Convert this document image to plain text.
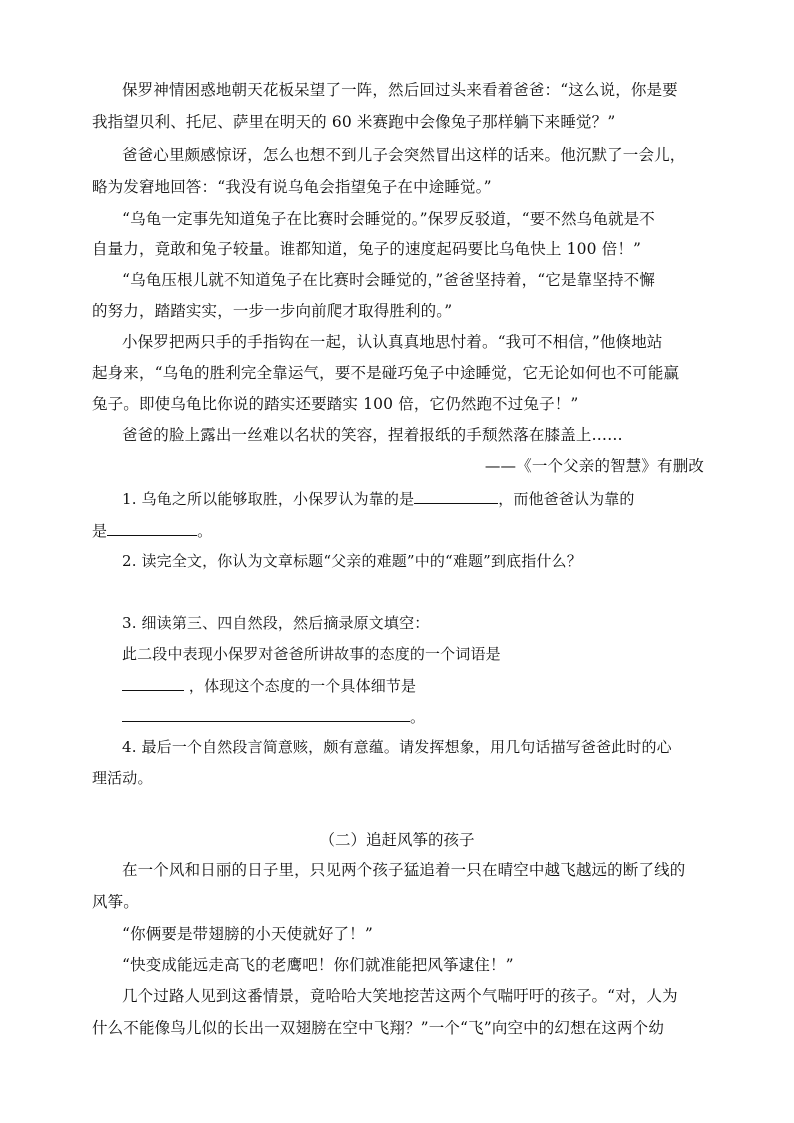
保罗神情困惑地朝天花板呆望了一阵，然后回过头来看着爸爸：“这么说，你是要
我指望贝利、托尼、萨里在明天的 60 米赛跑中会像兔子那样躺下来睡觉？”
爸爸心里颇感惊讶，怎么也想不到儿子会突然冒出这样的话来。他沉默了一会儿，
略为发窘地回答：“我没有说乌龟会指望兔子在中途睡觉。”
“乌龟一定事先知道兔子在比赛时会睡觉的。”保罗反驳道，“要不然乌龟就是不
自量力，竟敢和兔子较量。谁都知道，兔子的速度起码要比乌龟快上 100 倍！”
“乌龟压根儿就不知道兔子在比赛时会睡觉的，”爸爸坚持着，“它是靠坚持不懈
的努力，踏踏实实，一步一步向前爬才取得胜利的。”
小保罗把两只手的手指钩在一起，认认真真地思忖着。“我可不相信，”他倏地站
起身来，“乌龟的胜利完全靠运气，要不是碰巧兔子中途睡觉，它无论如何也不可能赢
兔子。即使乌龟比你说的踏实还要踏实 100 倍，它仍然跑不过兔子！”
爸爸的脸上露出一丝难以名状的笑容，捏着报纸的手颓然落在膝盖上……
——《一个父亲的智慧》有删改
1. 乌龟之所以能够取胜，小保罗认为靠的是	，而他爸爸认为靠的
是	。
2. 读完全文，你认为文章标题“父亲的难题”中的“难题”到底指什么？
3. 细读第三、四自然段，然后摘录原文填空：
此二段中表现小保罗对爸爸所讲故事的态度的一个词语是
，体现这个态度的一个具体细节是
。
4. 最后一个自然段言简意赅，颇有意蕴。请发挥想象，用几句话描写爸爸此时的心
理活动。
（二）追赶风筝的孩子
在一个风和日丽的日子里，只见两个孩子猛追着一只在晴空中越飞越远的断了线的
风筝。
“你俩要是带翅膀的小天使就好了！”
“快变成能远走高飞的老鹰吧！你们就准能把风筝逮住！”
几个过路人见到这番情景，竟哈哈大笑地挖苦这两个气喘吁吁的孩子。“对，人为
什么不能像鸟儿似的长出一双翅膀在空中飞翔？”一个“飞”向空中的幻想在这两个幼
